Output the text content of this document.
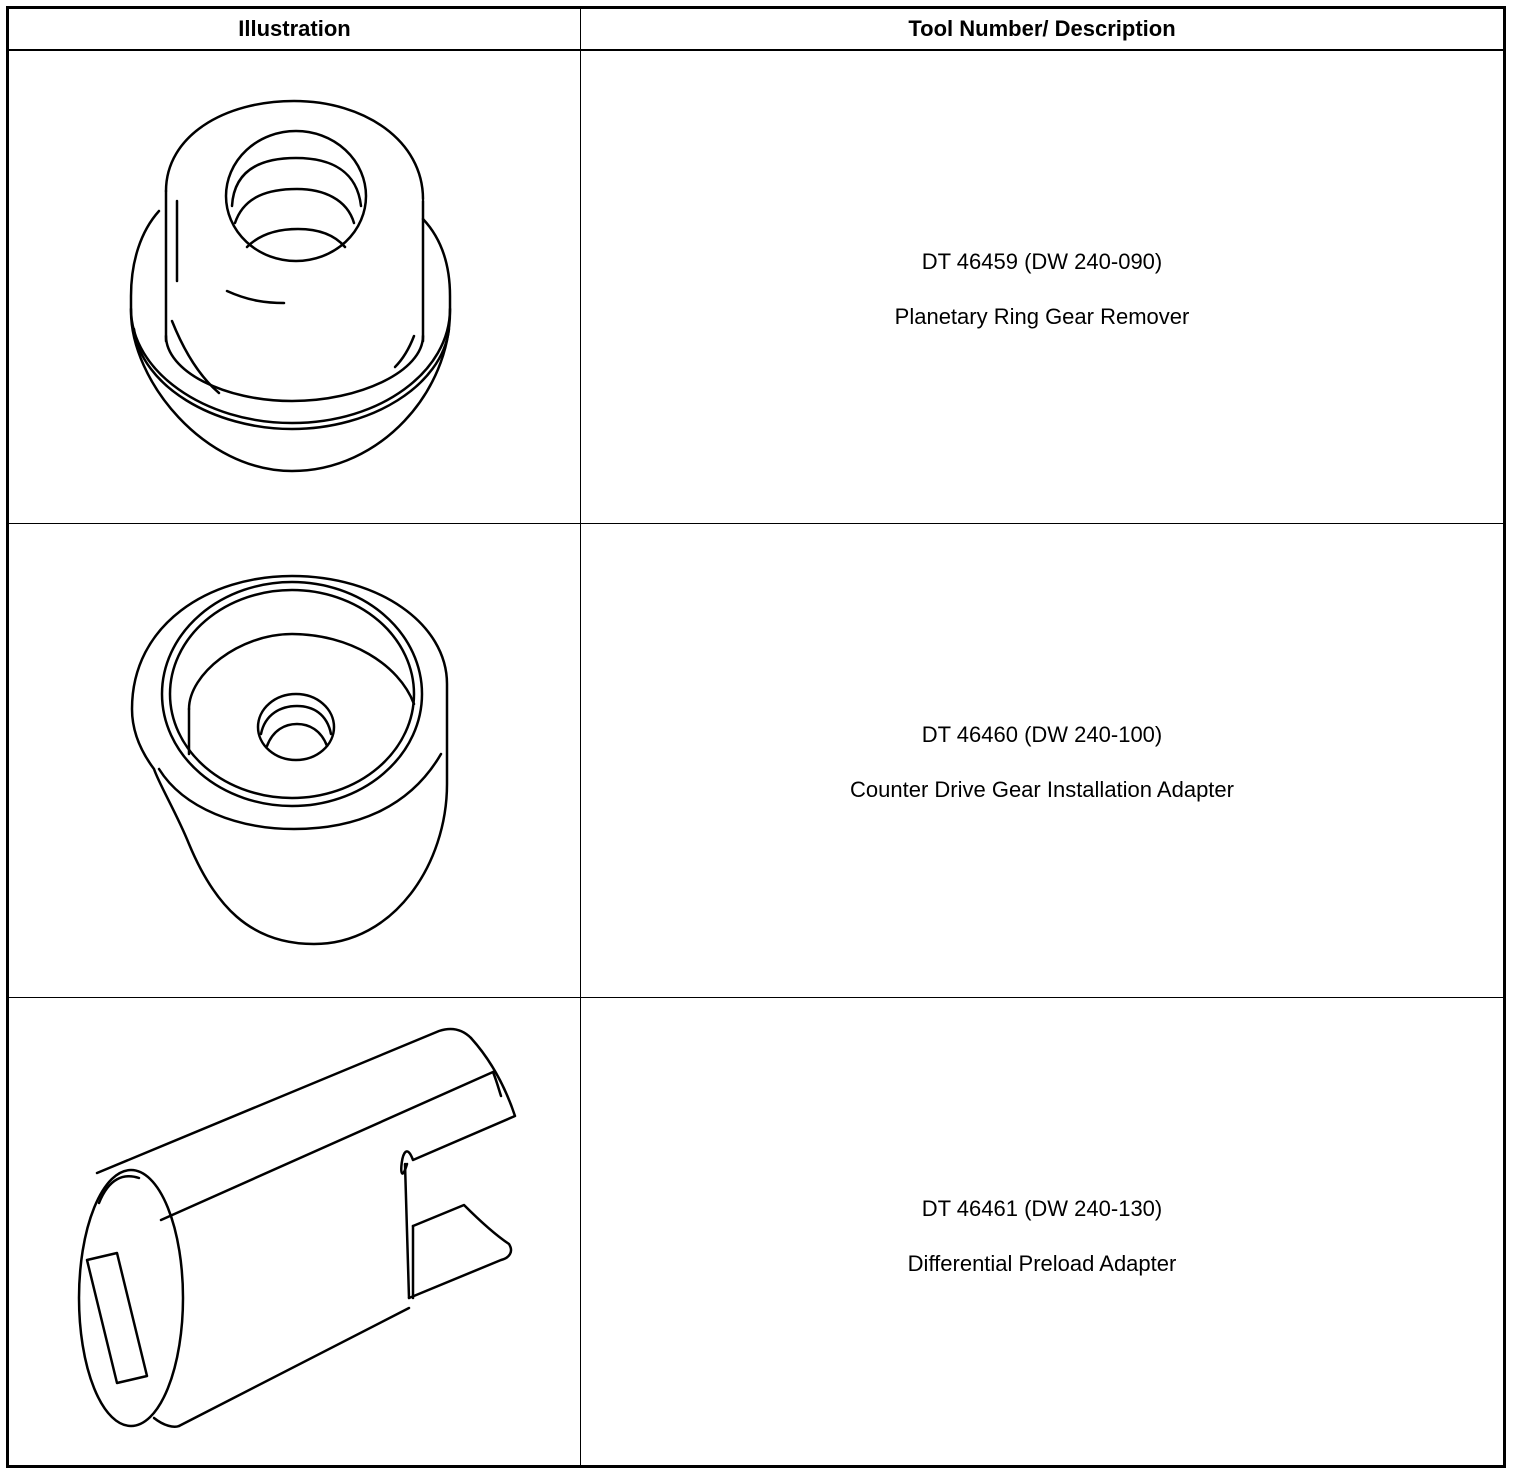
Illustration	Tool Number/ Description
DT 46459 (DW 240-090)
Planetary Ring Gear Remover
DT 46460 (DW 240-100)
Counter Drive Gear Installation Adapter
DT 46461 (DW 240-130)
Differential Preload Adapter
